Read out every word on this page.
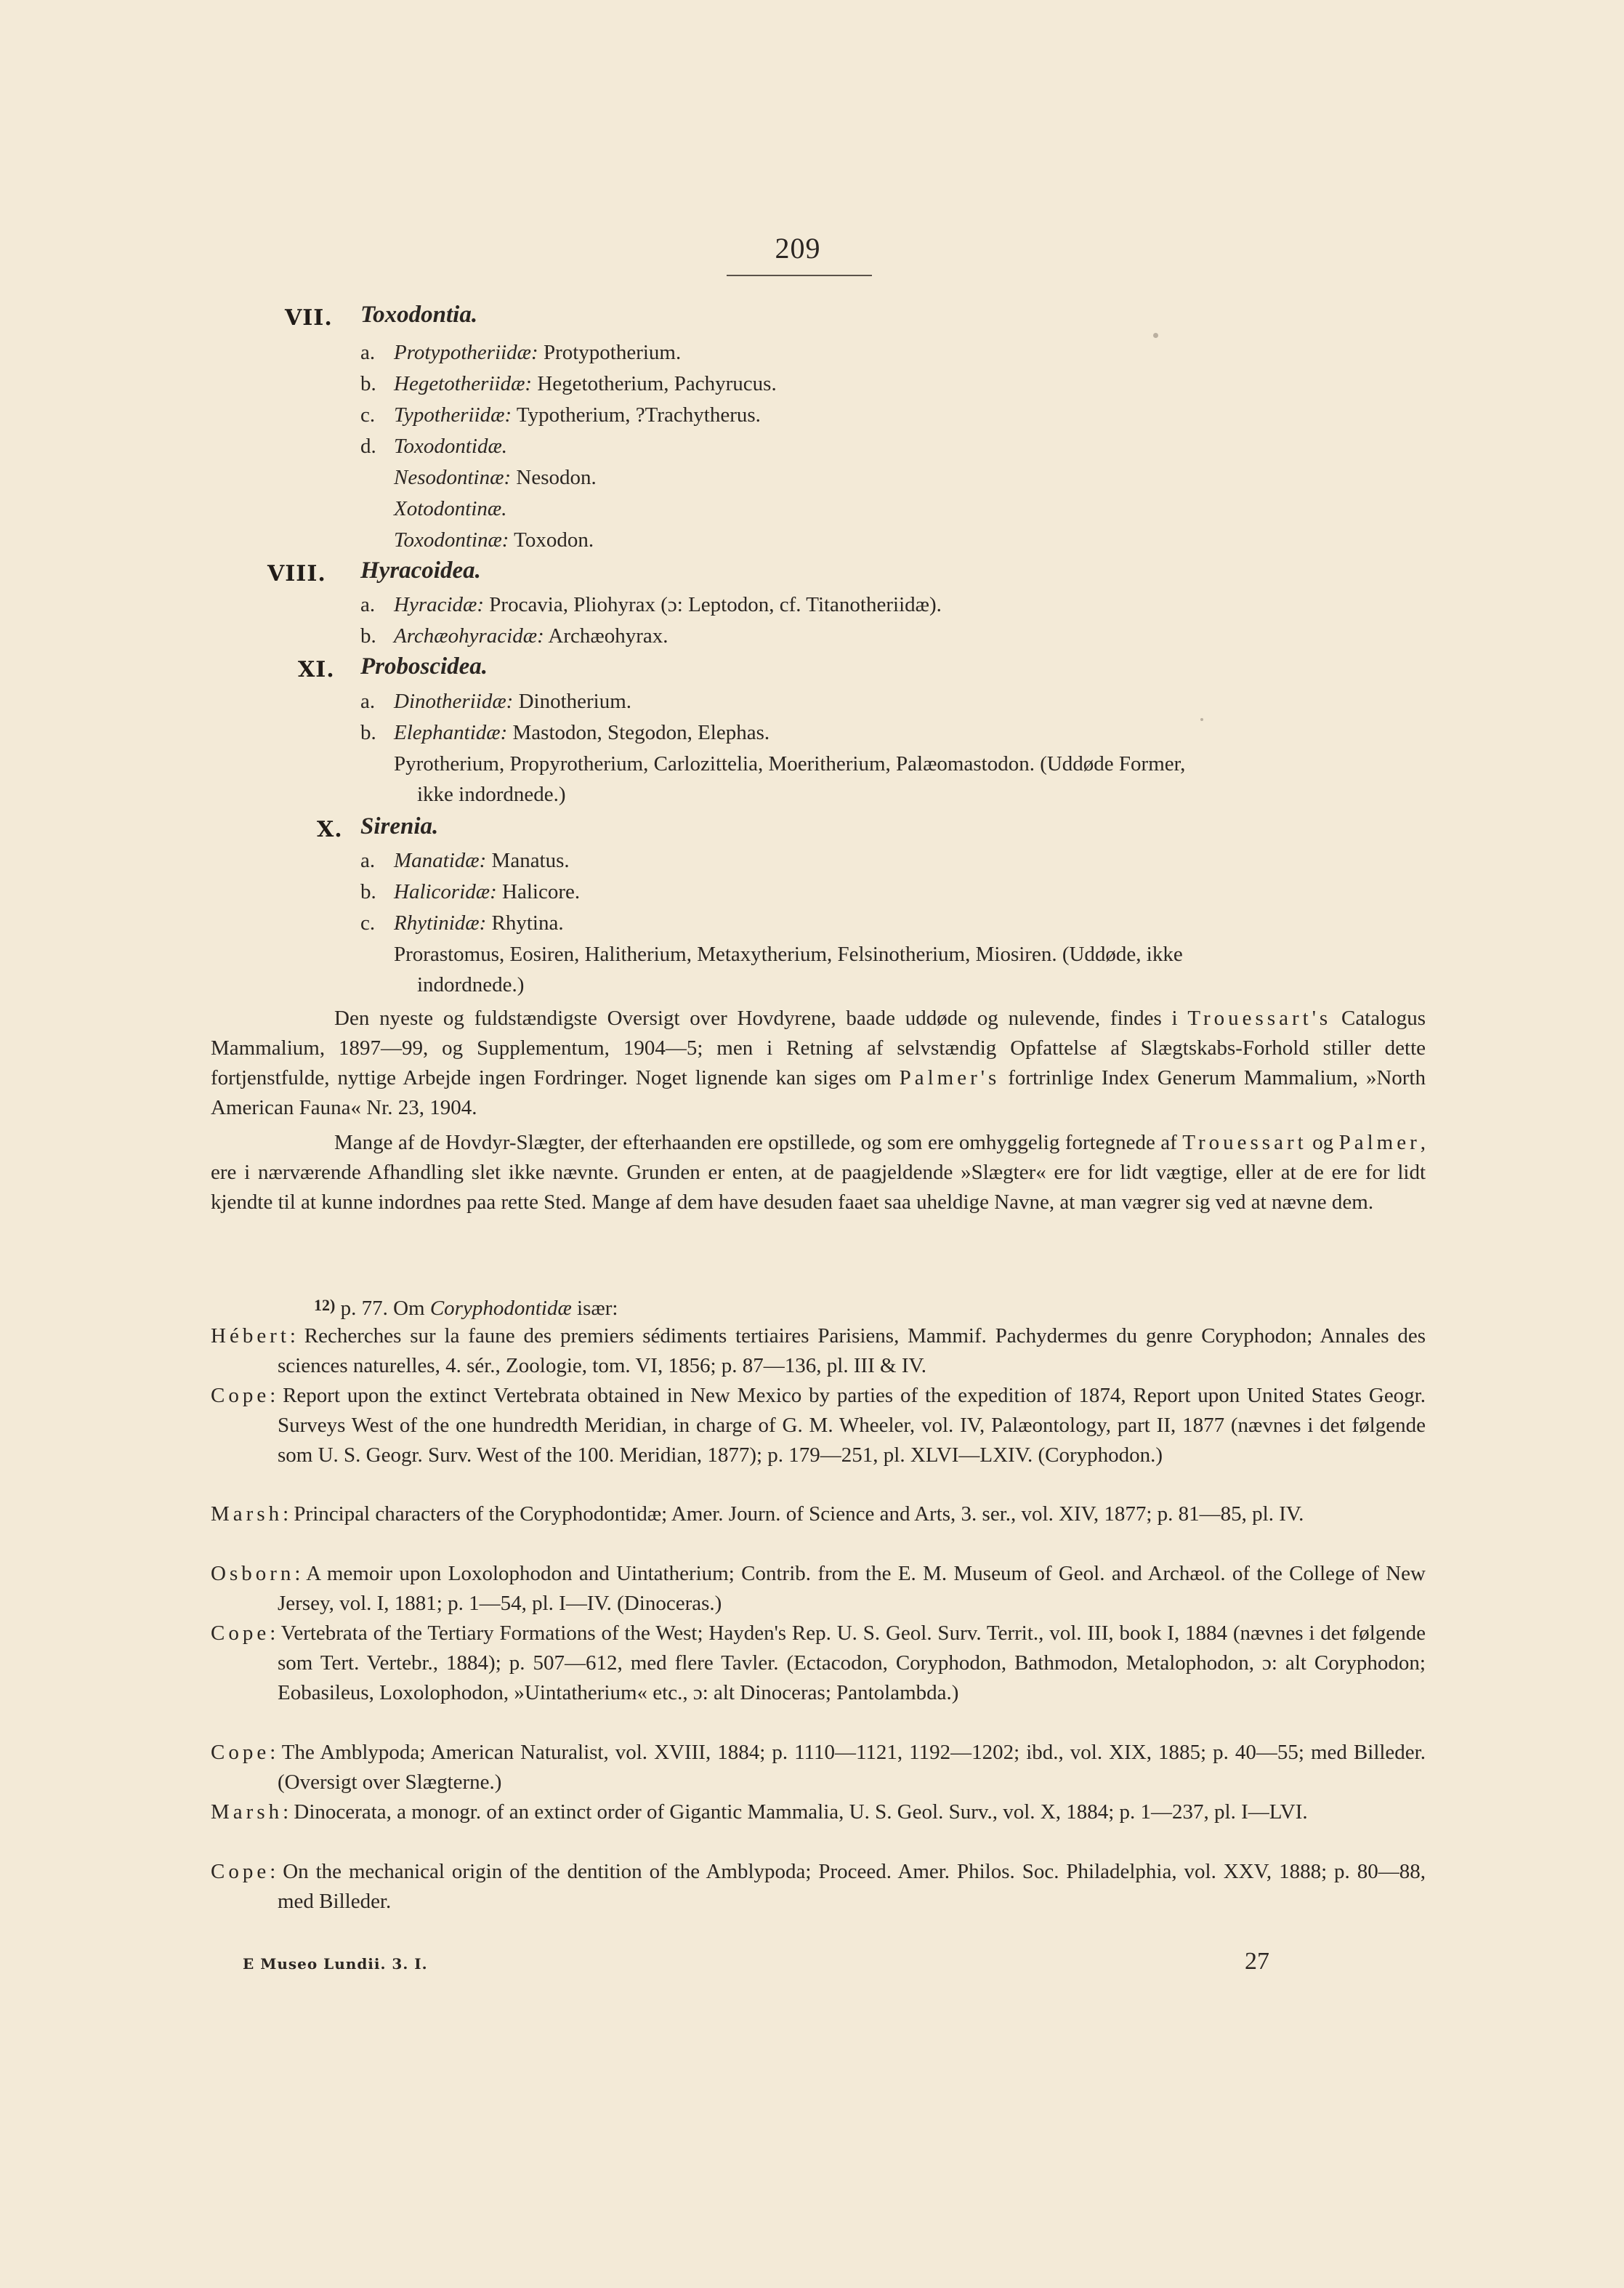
209
VII. Toxodontia.
a. Protypotheriidæ: Protypotherium.
b. Hegetotheriidæ: Hegetotherium, Pachyrucus.
c. Typotheriidæ: Typotherium, ?Trachytherus.
d. Toxodontidæ.
Nesodontinæ: Nesodon.
Xotodontinæ.
Toxodontinæ: Toxodon.
VIII. Hyracoidea.
a. Hyracidæ: Procavia, Pliohyrax (ɔ: Leptodon, cf. Titanotheriidæ).
b. Archæohyracidæ: Archæohyrax.
XI. Proboscidea.
a. Dinotheriidæ: Dinotherium.
b. Elephantidæ: Mastodon, Stegodon, Elephas.
Pyrotherium, Propyrotherium, Carlozittelia, Moeritherium, Palæomastodon. (Uddøde Former,
ikke indordnede.)
X. Sirenia.
a. Manatidæ: Manatus.
b. Halicoridæ: Halicore.
c. Rhytinidæ: Rhytina.
Prorastomus, Eosiren, Halitherium, Metaxytherium, Felsinotherium, Miosiren. (Uddøde, ikke
indordnede.)
Den nyeste og fuldstændigste Oversigt over Hovdyrene, baade uddøde og nulevende, findes i Trouessart's Catalogus Mammalium, 1897—99, og Supplementum, 1904—5; men i Retning af selvstændig Opfattelse af Slægtskabs-Forhold stiller dette fortjenstfulde, nyttige Arbejde ingen Fordringer. Noget lignende kan siges om Palmer's fortrinlige Index Generum Mammalium, »North American Fauna« Nr. 23, 1904.
Mange af de Hovdyr-Slægter, der efterhaanden ere opstillede, og som ere omhyggelig fortegnede af Trouessart og Palmer, ere i nærværende Afhandling slet ikke nævnte. Grunden er enten, at de paagjeldende »Slægter« ere for lidt vægtige, eller at de ere for lidt kjendte til at kunne indordnes paa rette Sted. Mange af dem have desuden faaet saa uheldige Navne, at man vægrer sig ved at nævne dem.
$^{12)}$ p. 77. Om Coryphodontidæ især:
Hébert: Recherches sur la faune des premiers sédiments tertiaires Parisiens, Mammif. Pachydermes du genre Coryphodon; Annales des sciences naturelles, 4. sér., Zoologie, tom. VI, 1856; p. 87—136, pl. III & IV.
Cope: Report upon the extinct Vertebrata obtained in New Mexico by parties of the expedition of 1874, Report upon United States Geogr. Surveys West of the one hundredth Meridian, in charge of G. M. Wheeler, vol. IV, Palæontology, part II, 1877 (nævnes i det følgende som U. S. Geogr. Surv. West of the 100. Meridian, 1877); p. 179—251, pl. XLVI—LXIV. (Coryphodon.)
Marsh: Principal characters of the Coryphodontidæ; Amer. Journ. of Science and Arts, 3. ser., vol. XIV, 1877; p. 81—85, pl. IV.
Osborn: A memoir upon Loxolophodon and Uintatherium; Contrib. from the E. M. Museum of Geol. and Archæol. of the College of New Jersey, vol. I, 1881; p. 1—54, pl. I—IV. (Dinoceras.)
Cope: Vertebrata of the Tertiary Formations of the West; Hayden's Rep. U. S. Geol. Surv. Territ., vol. III, book I, 1884 (nævnes i det følgende som Tert. Vertebr., 1884); p. 507—612, med flere Tavler. (Ectacodon, Coryphodon, Bathmodon, Metalophodon, ɔ: alt Coryphodon; Eobasileus, Loxolophodon, »Uintatherium« etc., ɔ: alt Dinoceras; Pantolambda.)
Cope: The Amblypoda; American Naturalist, vol. XVIII, 1884; p. 1110—1121, 1192—1202; ibd., vol. XIX, 1885; p. 40—55; med Billeder. (Oversigt over Slægterne.)
Marsh: Dinocerata, a monogr. of an extinct order of Gigantic Mammalia, U. S. Geol. Surv., vol. X, 1884; p. 1—237, pl. I—LVI.
Cope: On the mechanical origin of the dentition of the Amblypoda; Proceed. Amer. Philos. Soc. Philadelphia, vol. XXV, 1888; p. 80—88, med Billeder.
E Museo Lundii. 3. I.	27
